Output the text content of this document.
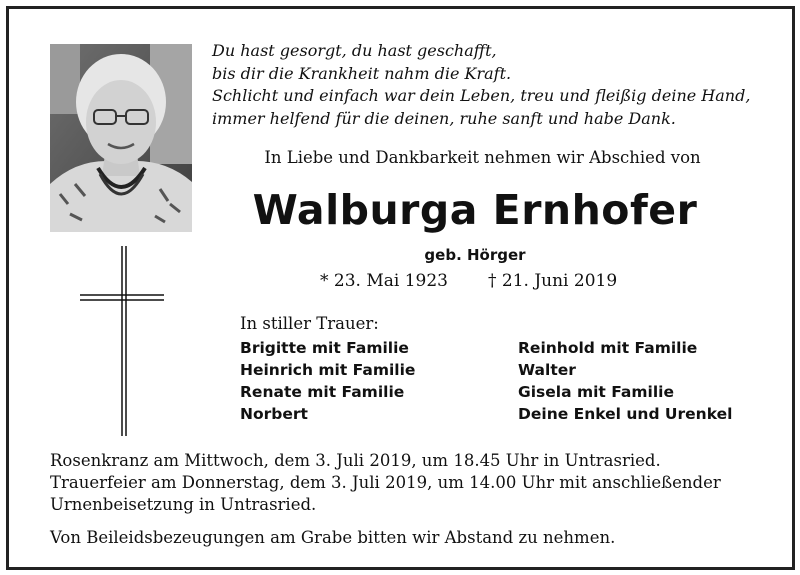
Du hast gesorgt, du hast geschafft,
bis dir die Krankheit nahm die Kraft.
Schlicht und einfach war dein Leben, treu und fleißig deine Hand,
immer helfend für die deinen, ruhe sanft und habe Dank.
In Liebe und Dankbarkeit nehmen wir Abschied von
Walburga Ernhofer
geb. Hörger
* 23. Mai 1923 † 21. Juni 2019
In stiller Trauer:
Brigitte mit Familie
Heinrich mit Familie
Renate mit Familie
Norbert
Reinhold mit Familie
Walter
Gisela mit Familie
Deine Enkel und Urenkel
Rosenkranz am Mittwoch, dem 3. Juli 2019, um 18.45 Uhr in Untrasried.
Trauerfeier am Donnerstag, dem 3. Juli 2019, um 14.00 Uhr mit anschließender
Urnenbeisetzung in Untrasried.
Von Beileidsbezeugungen am Grabe bitten wir Abstand zu nehmen.
